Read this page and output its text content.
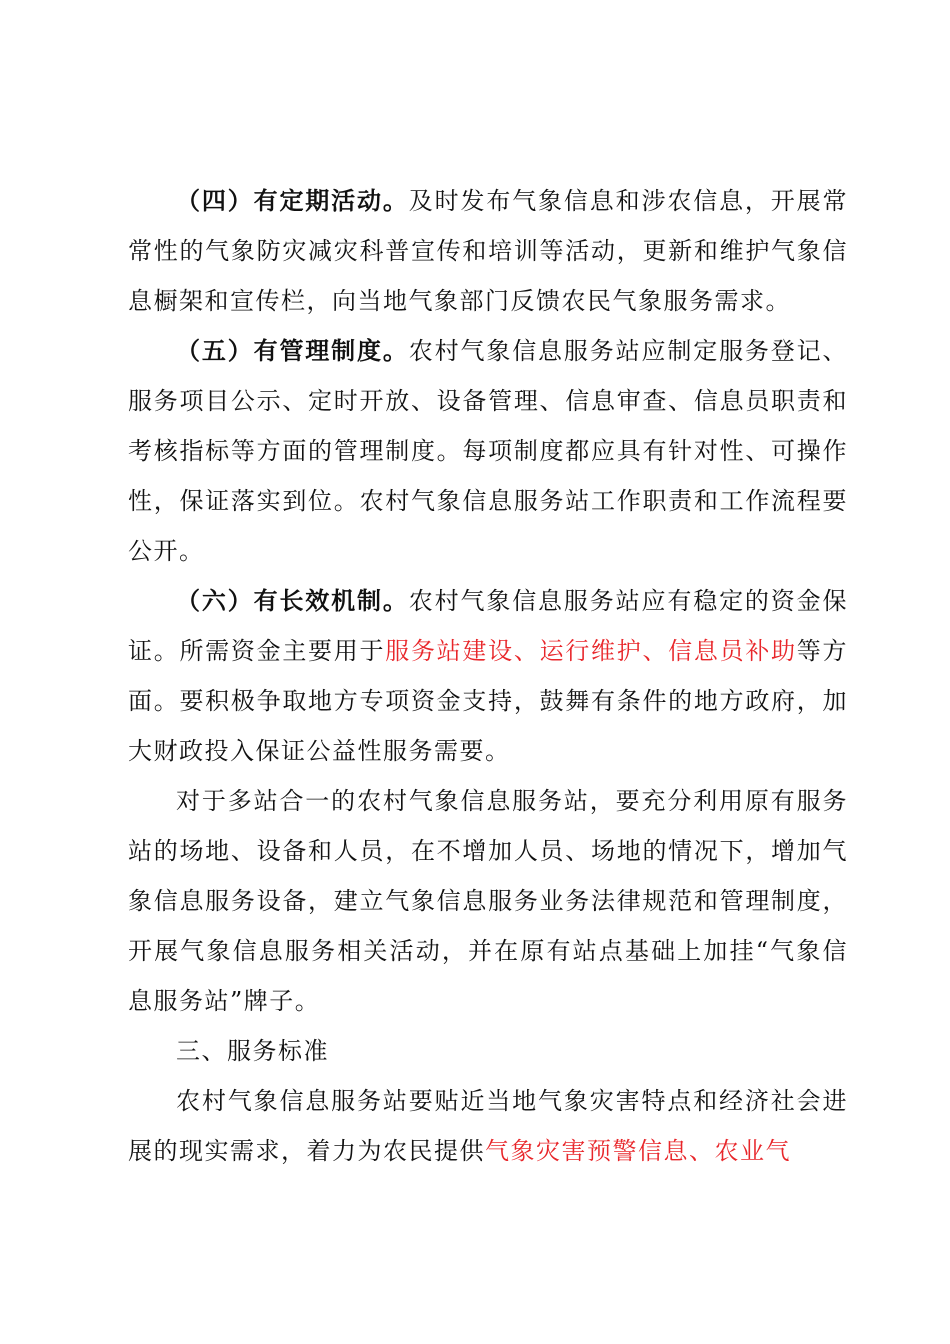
（四）有定期活动。及时发布气象信息和涉农信息，开展常常性的气象防灾减灾科普宣传和培训等活动，更新和维护气象信息橱架和宣传栏，向当地气象部门反馈农民气象服务需求。

（五）有管理制度。农村气象信息服务站应制定服务登记、服务项目公示、定时开放、设备管理、信息审查、信息员职责和考核指标等方面的管理制度。每项制度都应具有针对性、可操作性，保证落实到位。农村气象信息服务站工作职责和工作流程要公开。

（六）有长效机制。农村气象信息服务站应有稳定的资金保证。所需资金主要用于服务站建设、运行维护、信息员补助等方面。要积极争取地方专项资金支持，鼓舞有条件的地方政府，加大财政投入保证公益性服务需要。

对于多站合一的农村气象信息服务站，要充分利用原有服务站的场地、设备和人员，在不增加人员、场地的情况下，增加气象信息服务设备，建立气象信息服务业务法律规范和管理制度，开展气象信息服务相关活动，并在原有站点基础上加挂“气象信息服务站”牌子。

三、服务标准

农村气象信息服务站要贴近当地气象灾害特点和经济社会进展的现实需求，着力为农民提供气象灾害预警信息、农业气
